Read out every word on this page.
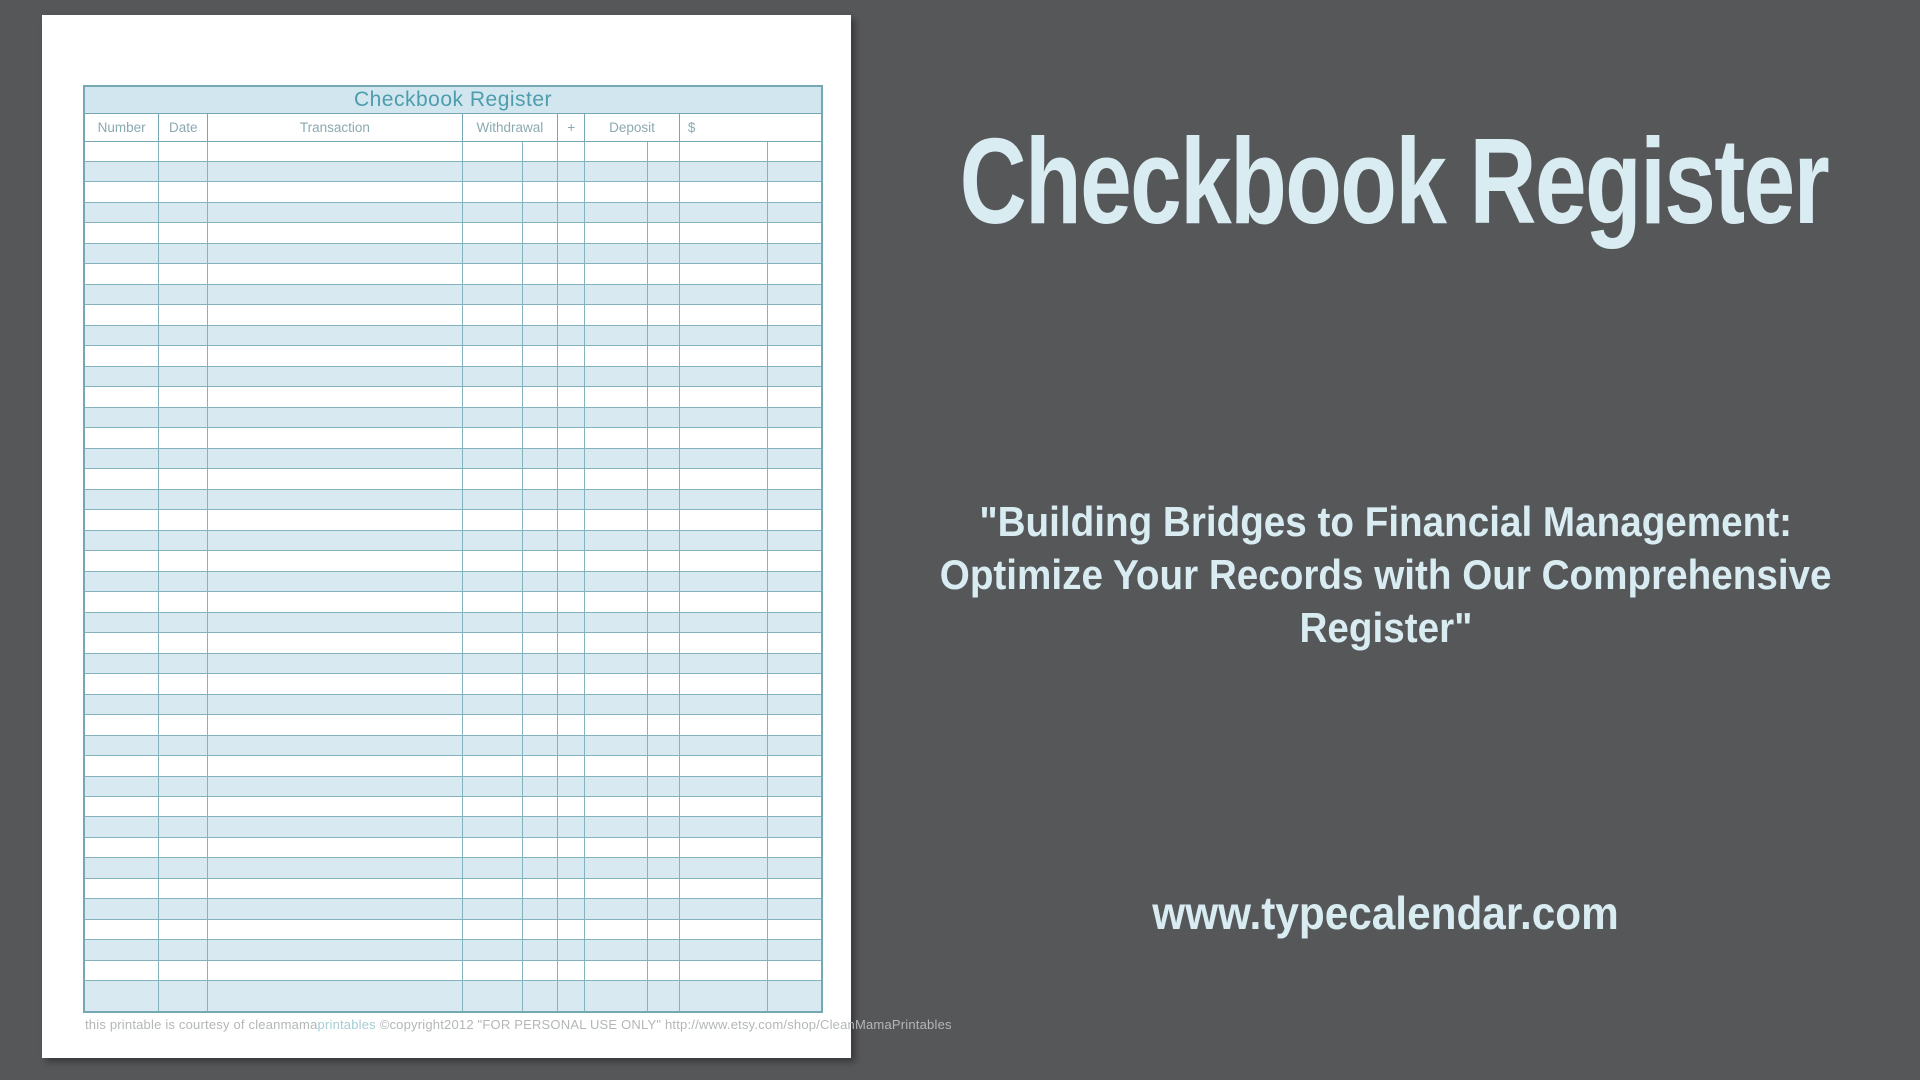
Checkbook Register									
Number	Date	Transaction	Withdrawal		+	Deposit		$	

this printable is courtesy of cleanmamaprintables ©copyright2012 "FOR PERSONAL USE ONLY" http://www.etsy.com/shop/CleanMamaPrintables
Checkbook Register
"Building Bridges to Financial Management:
Optimize Your Records with Our Comprehensive
Register"
www.typecalendar.com
